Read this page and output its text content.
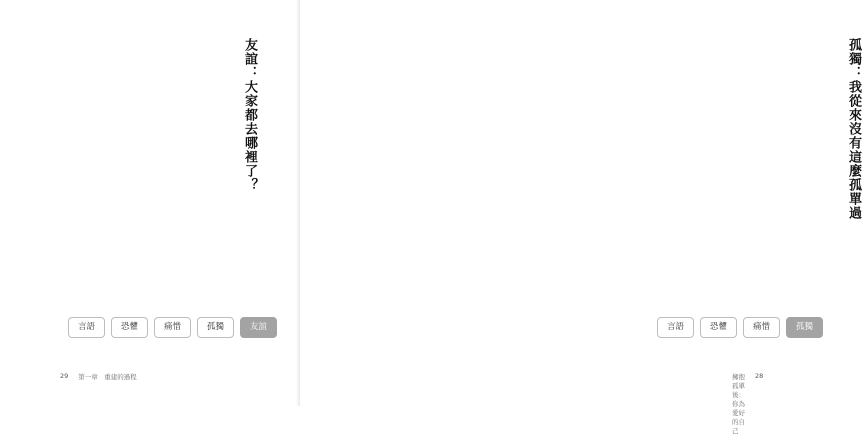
友誼：大家都去哪裡了？
言語	恐懼	痛惜	孤獨	友誼
29 第一章　重建的過程
孤獨：我從來沒有這麼孤單過
言語	恐懼	痛惜	孤獨
擁抱孤單後：你為愛好的自己
28
